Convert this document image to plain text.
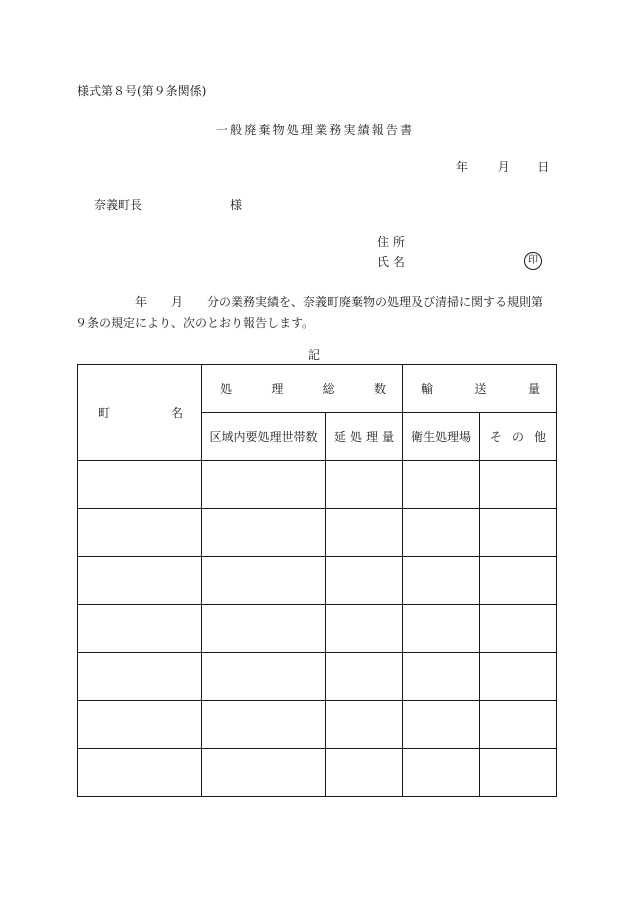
様式第８号(第９条関係)
一般廃棄物処理業務実績報告書
年 月 日
奈義町長	様
住 所
氏 名	印
　　　　　年　　月　　分の業務実績を、奈義町廃棄物の処理及び清掃に関する規則第
９条の規定により、次のとおり報告します。
記
町 名	処 理 総 数		輸 送 量	

	区域内要処理世帯数	延 処 理 量	衛生処理場	そ の 他
